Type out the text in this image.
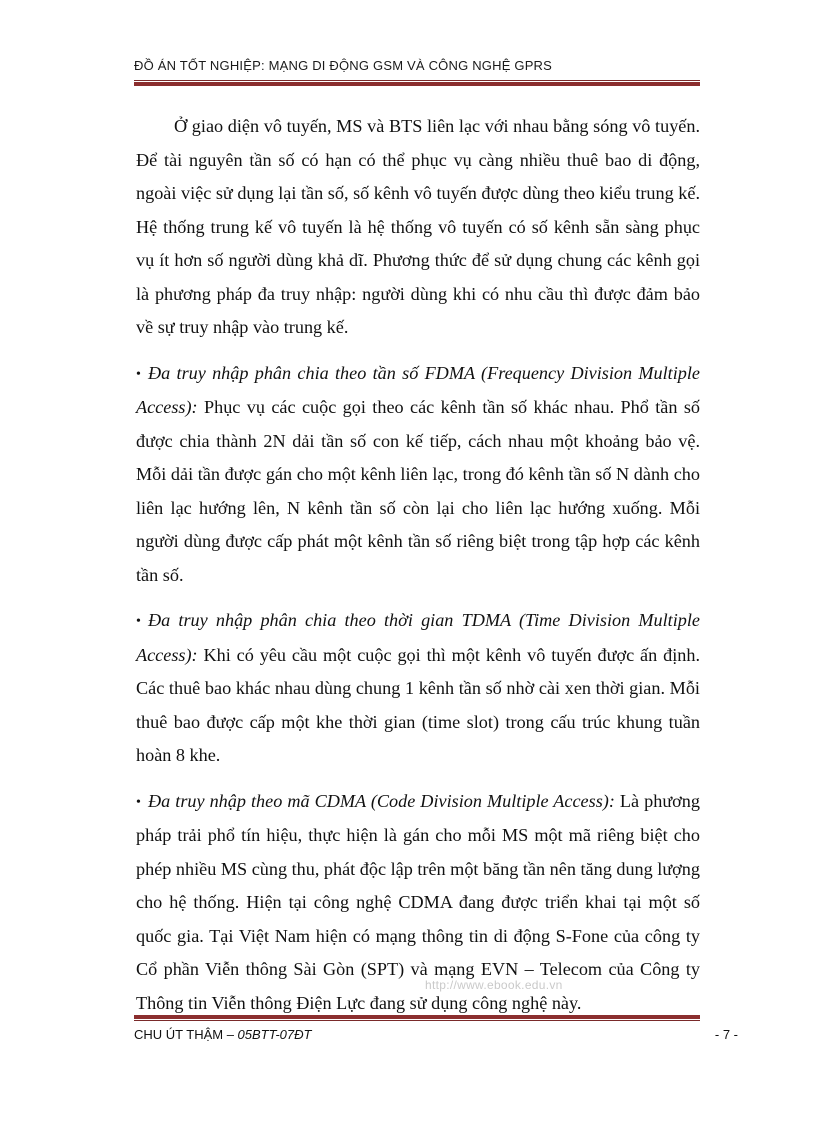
ĐỒ ÁN TỐT NGHIỆP: MẠNG DI ĐỘNG GSM VÀ CÔNG NGHỆ GPRS

Ở giao diện vô tuyến, MS và BTS liên lạc với nhau bằng sóng vô tuyến. Để tài nguyên tần số có hạn có thể phục vụ càng nhiều thuê bao di động, ngoài việc sử dụng lại tần số, số kênh vô tuyến được dùng theo kiểu trung kế. Hệ thống trung kế vô tuyến là hệ thống vô tuyến có số kênh sẵn sàng phục vụ ít hơn số người dùng khả dĩ. Phương thức để sử dụng chung các kênh gọi là phương pháp đa truy nhập: người dùng khi có nhu cầu thì được đảm bảo về sự truy nhập vào trung kế.

•Đa truy nhập phân chia theo tần số FDMA (Frequency Division Multiple Access): Phục vụ các cuộc gọi theo các kênh tần số khác nhau. Phổ tần số được chia thành 2N dải tần số con kế tiếp, cách nhau một khoảng bảo vệ. Mỗi dải tần được gán cho một kênh liên lạc, trong đó kênh tần số N dành cho liên lạc hướng lên, N kênh tần số còn lại cho liên lạc hướng xuống. Mỗi người dùng được cấp phát một kênh tần số riêng biệt trong tập hợp các kênh tần số.

•Đa truy nhập phân chia theo thời gian TDMA (Time Division Multiple Access): Khi có yêu cầu một cuộc gọi thì một kênh vô tuyến được ấn định. Các thuê bao khác nhau dùng chung 1 kênh tần số nhờ cài xen thời gian. Mỗi thuê bao được cấp một khe thời gian (time slot) trong cấu trúc khung tuần hoàn 8 khe.

•Đa truy nhập theo mã CDMA (Code Division Multiple Access): Là phương pháp trải phổ tín hiệu, thực hiện là gán cho mỗi MS một mã riêng biệt cho phép nhiều MS cùng thu, phát độc lập trên một băng tần nên tăng dung lượng cho hệ thống. Hiện tại công nghệ CDMA đang được triển khai tại một số quốc gia. Tại Việt Nam hiện có mạng thông tin di động S-Fone của công ty Cổ phần Viễn thông Sài Gòn (SPT) và mạng EVN – Telecom của Công ty Thông tin Viễn thông Điện Lực đang sử dụng công nghệ này.

http://www.ebook.edu.vn
CHU ÚT THẬM – 05BTT-07ĐT	- 7 -
